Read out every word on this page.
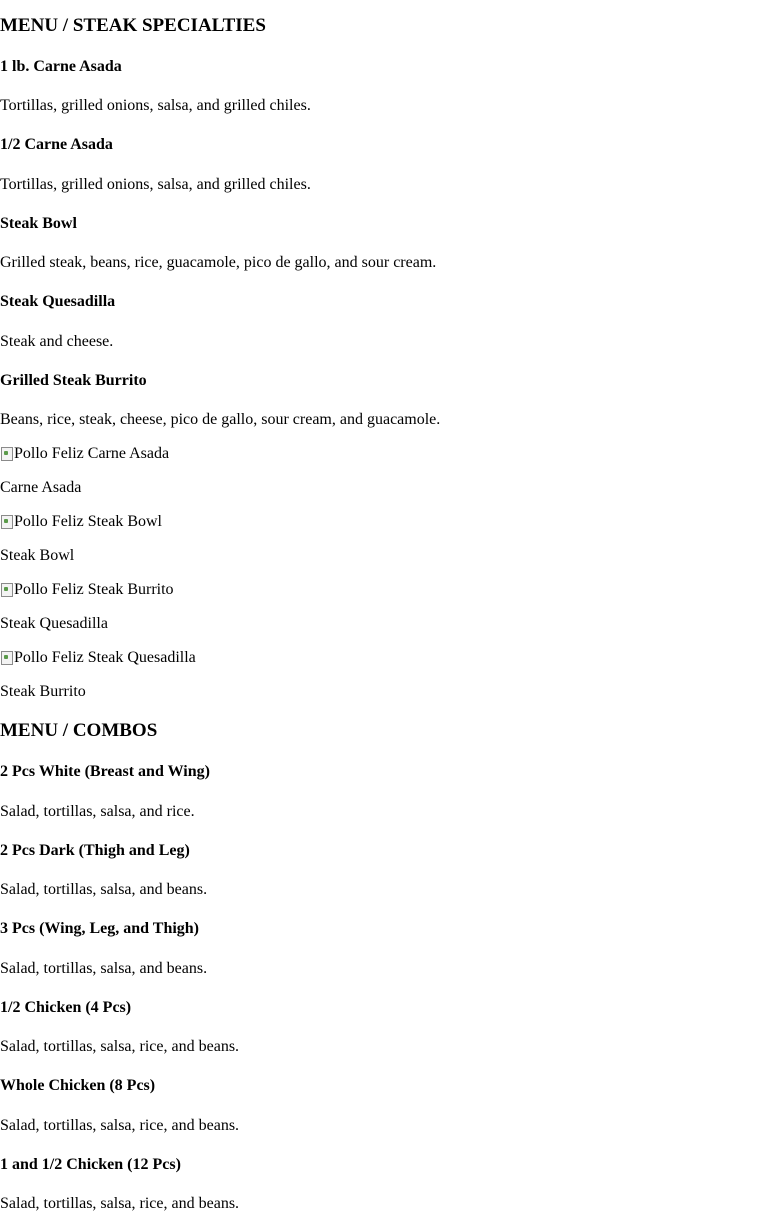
MENU / STEAK SPECIALTIES
1 lb. Carne Asada
Tortillas, grilled onions, salsa, and grilled chiles.
1/2 Carne Asada
Tortillas, grilled onions, salsa, and grilled chiles.
Steak Bowl
Grilled steak, beans, rice, guacamole, pico de gallo, and sour cream.
Steak Quesadilla
Steak and cheese.
Grilled Steak Burrito
Beans, rice, steak, cheese, pico de gallo, sour cream, and guacamole.
Pollo Feliz Carne Asada
Carne Asada
Pollo Feliz Steak Bowl
Steak Bowl
Pollo Feliz Steak Burrito
Steak Quesadilla
Pollo Feliz Steak Quesadilla
Steak Burrito
MENU / COMBOS
2 Pcs White (Breast and Wing)
Salad, tortillas, salsa, and rice.
2 Pcs Dark (Thigh and Leg)
Salad, tortillas, salsa, and beans.
3 Pcs (Wing, Leg, and Thigh)
Salad, tortillas, salsa, and beans.
1/2 Chicken (4 Pcs)
Salad, tortillas, salsa, rice, and beans.
Whole Chicken (8 Pcs)
Salad, tortillas, salsa, rice, and beans.
1 and 1/2 Chicken (12 Pcs)
Salad, tortillas, salsa, rice, and beans.
